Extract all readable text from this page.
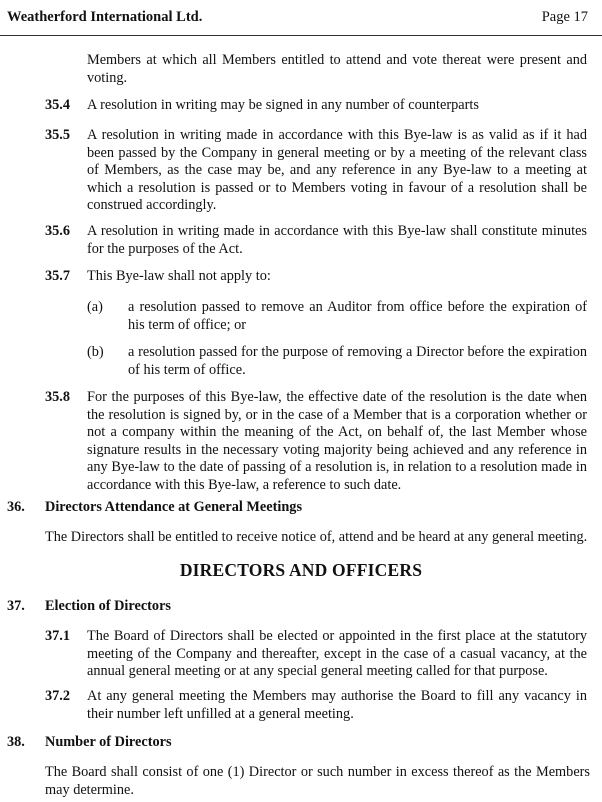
Weatherford International Ltd.	Page 17
Members at which all Members entitled to attend and vote thereat were present and voting.
35.4 A resolution in writing may be signed in any number of counterparts
35.5 A resolution in writing made in accordance with this Bye-law is as valid as if it had been passed by the Company in general meeting or by a meeting of the relevant class of Members, as the case may be, and any reference in any Bye-law to a meeting at which a resolution is passed or to Members voting in favour of a resolution shall be construed accordingly.
35.6 A resolution in writing made in accordance with this Bye-law shall constitute minutes for the purposes of the Act.
35.7 This Bye-law shall not apply to:
(a) a resolution passed to remove an Auditor from office before the expiration of his term of office; or
(b) a resolution passed for the purpose of removing a Director before the expiration of his term of office.
35.8 For the purposes of this Bye-law, the effective date of the resolution is the date when the resolution is signed by, or in the case of a Member that is a corporation whether or not a company within the meaning of the Act, on behalf of, the last Member whose signature results in the necessary voting majority being achieved and any reference in any Bye-law to the date of passing of a resolution is, in relation to a resolution made in accordance with this Bye-law, a reference to such date.
36. Directors Attendance at General Meetings
The Directors shall be entitled to receive notice of, attend and be heard at any general meeting.
DIRECTORS AND OFFICERS
37. Election of Directors
37.1 The Board of Directors shall be elected or appointed in the first place at the statutory meeting of the Company and thereafter, except in the case of a casual vacancy, at the annual general meeting or at any special general meeting called for that purpose.
37.2 At any general meeting the Members may authorise the Board to fill any vacancy in their number left unfilled at a general meeting.
38. Number of Directors
The Board shall consist of one (1) Director or such number in excess thereof as the Members may determine.
